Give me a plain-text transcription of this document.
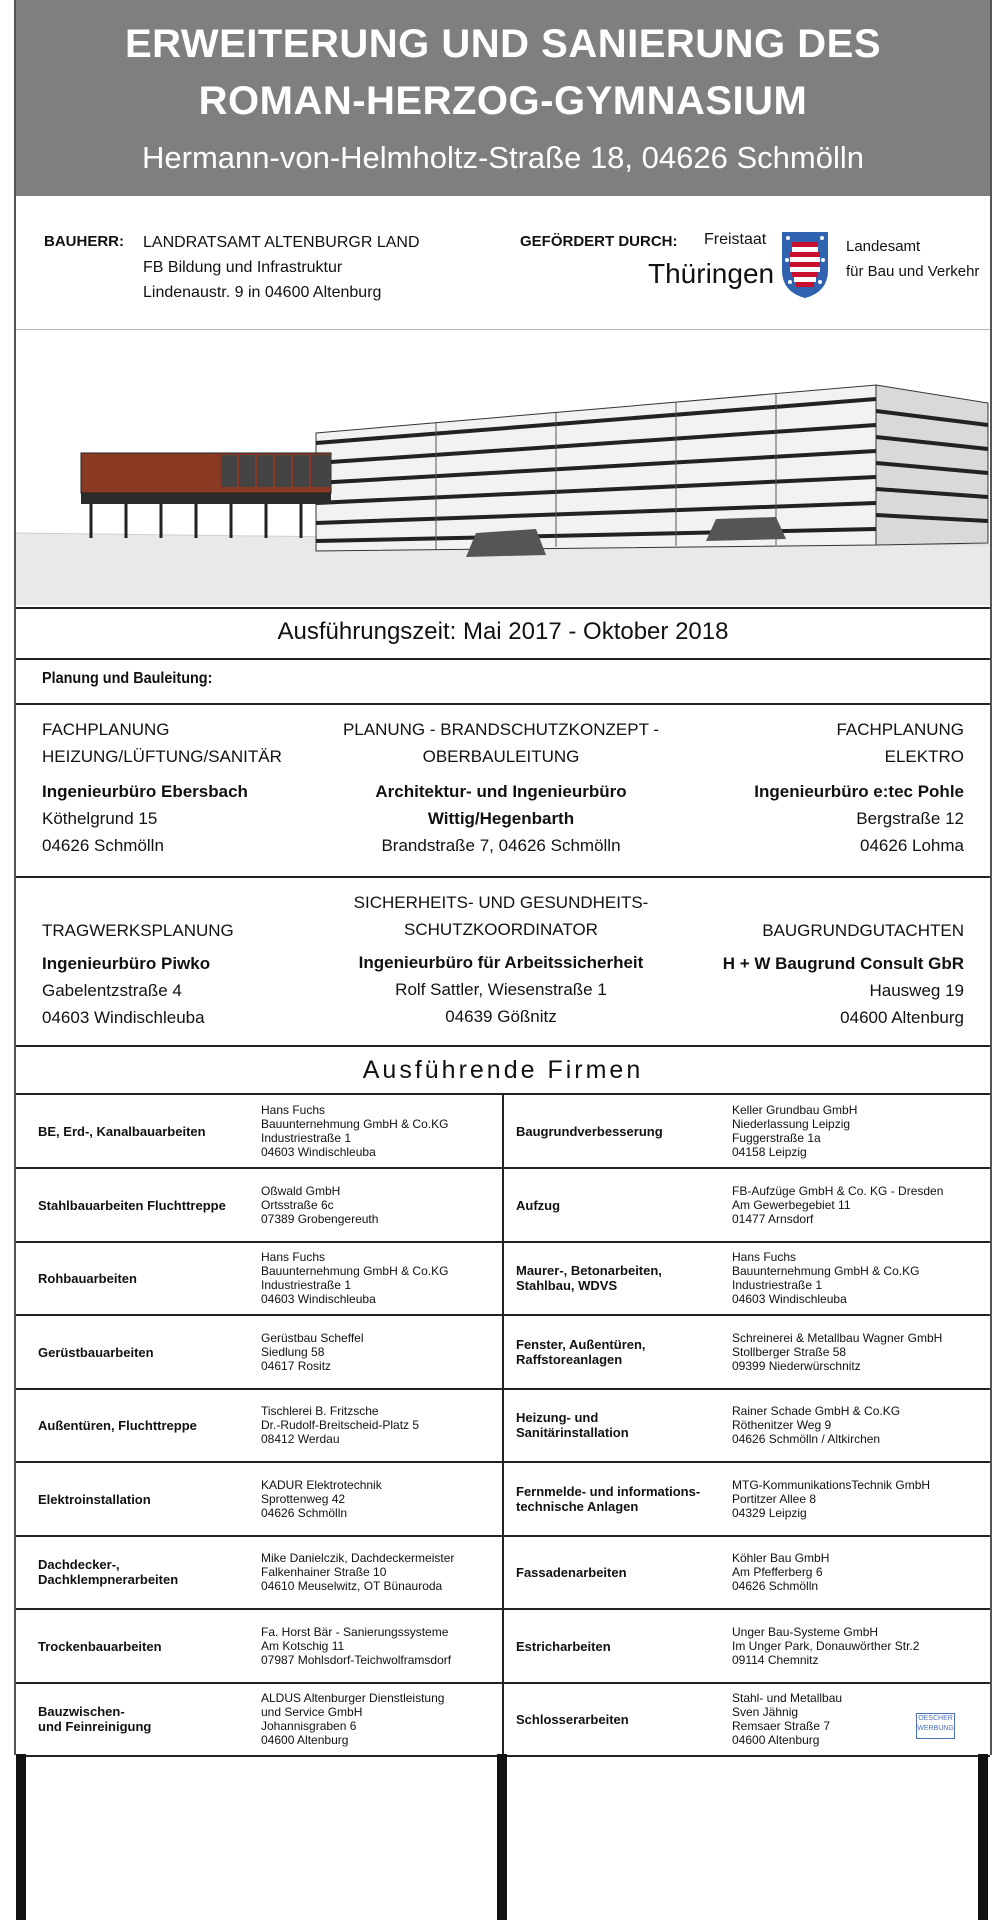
ERWEITERUNG UND SANIERUNG DES
ROMAN-HERZOG-GYMNASIUM
Hermann-von-Helmholtz-Straße 18, 04626 Schmölln
BAUHERR: LANDRATSAMT ALTENBURGR LAND
FB Bildung und Infrastruktur
Lindenaustr. 9 in 04600 Altenburg
GEFÖRDERT DURCH: Freistaat
Thüringen
Landesamt
für Bau und Verkehr
Ausführungszeit: Mai 2017 - Oktober 2018
Planung und Bauleitung:
FACHPLANUNG
HEIZUNG/LÜFTUNG/SANITÄR
Ingenieurbüro Ebersbach
Köthelgrund 15
04626 Schmölln
PLANUNG - BRANDSCHUTZKONZEPT -
OBERBAULEITUNG
Architektur- und Ingenieurbüro
Wittig/Hegenbarth
Brandstraße 7, 04626 Schmölln
FACHPLANUNG
ELEKTRO
Ingenieurbüro e:tec Pohle
Bergstraße 12
04626 Lohma
TRAGWERKSPLANUNG
Ingenieurbüro Piwko
Gabelentzstraße 4
04603 Windischleuba
SICHERHEITS- UND GESUNDHEITS-
SCHUTZKOORDINATOR
Ingenieurbüro für Arbeitssicherheit
Rolf Sattler, Wiesenstraße 1
04639 Gößnitz
BAUGRUNDGUTACHTEN
H + W Baugrund Consult GbR
Hausweg 19
04600 Altenburg
Ausführende Firmen
BE, Erd-, Kanalbauarbeiten
Hans Fuchs
Bauunternehmung GmbH & Co.KG
Industriestraße 1
04603 Windischleuba
Baugrundverbesserung
Keller Grundbau GmbH
Niederlassung Leipzig
Fuggerstraße 1a
04158 Leipzig
Stahlbauarbeiten Fluchttreppe
Oßwald GmbH
Ortsstraße 6c
07389 Grobengereuth
Aufzug
FB-Aufzüge GmbH & Co. KG - Dresden
Am Gewerbegebiet 11
01477 Arnsdorf
Rohbauarbeiten
Hans Fuchs
Bauunternehmung GmbH & Co.KG
Industriestraße 1
04603 Windischleuba
Maurer-, Betonarbeiten,
Stahlbau, WDVS
Hans Fuchs
Bauunternehmung GmbH & Co.KG
Industriestraße 1
04603 Windischleuba
Gerüstbauarbeiten
Gerüstbau Scheffel
Siedlung 58
04617 Rositz
Fenster, Außentüren,
Raffstoreanlagen
Schreinerei & Metallbau Wagner GmbH
Stollberger Straße 58
09399 Niederwürschnitz
Außentüren, Fluchttreppe
Tischlerei B. Fritzsche
Dr.-Rudolf-Breitscheid-Platz 5
08412 Werdau
Heizung- und
Sanitärinstallation
Rainer Schade GmbH & Co.KG
Röthenitzer Weg 9
04626 Schmölln / Altkirchen
Elektroinstallation
KADUR Elektrotechnik
Sprottenweg 42
04626 Schmölln
Fernmelde- und informations-
technische Anlagen
MTG-KommunikationsTechnik GmbH
Portitzer Allee 8
04329 Leipzig
Dachdecker-,
Dachklempnerarbeiten
Mike Danielczik, Dachdeckermeister
Falkenhainer Straße 10
04610 Meuselwitz, OT Bünauroda
Fassadenarbeiten
Köhler Bau GmbH
Am Pfefferberg 6
04626 Schmölln
Trockenbauarbeiten
Fa. Horst Bär - Sanierungssysteme
Am Kotschig 11
07987 Mohlsdorf-Teichwolframsdorf
Estricharbeiten
Unger Bau-Systeme GmbH
Im Unger Park, Donauwörther Str.2
09114 Chemnitz
Bauzwischen-
und Feinreinigung
ALDUS Altenburger Dienstleistung
und Service GmbH
Johannisgraben 6
04600 Altenburg
Schlosserarbeiten
Stahl- und Metallbau
Sven Jähnig
Remsaer Straße 7
04600 Altenburg
OESCHER WERBUNG
